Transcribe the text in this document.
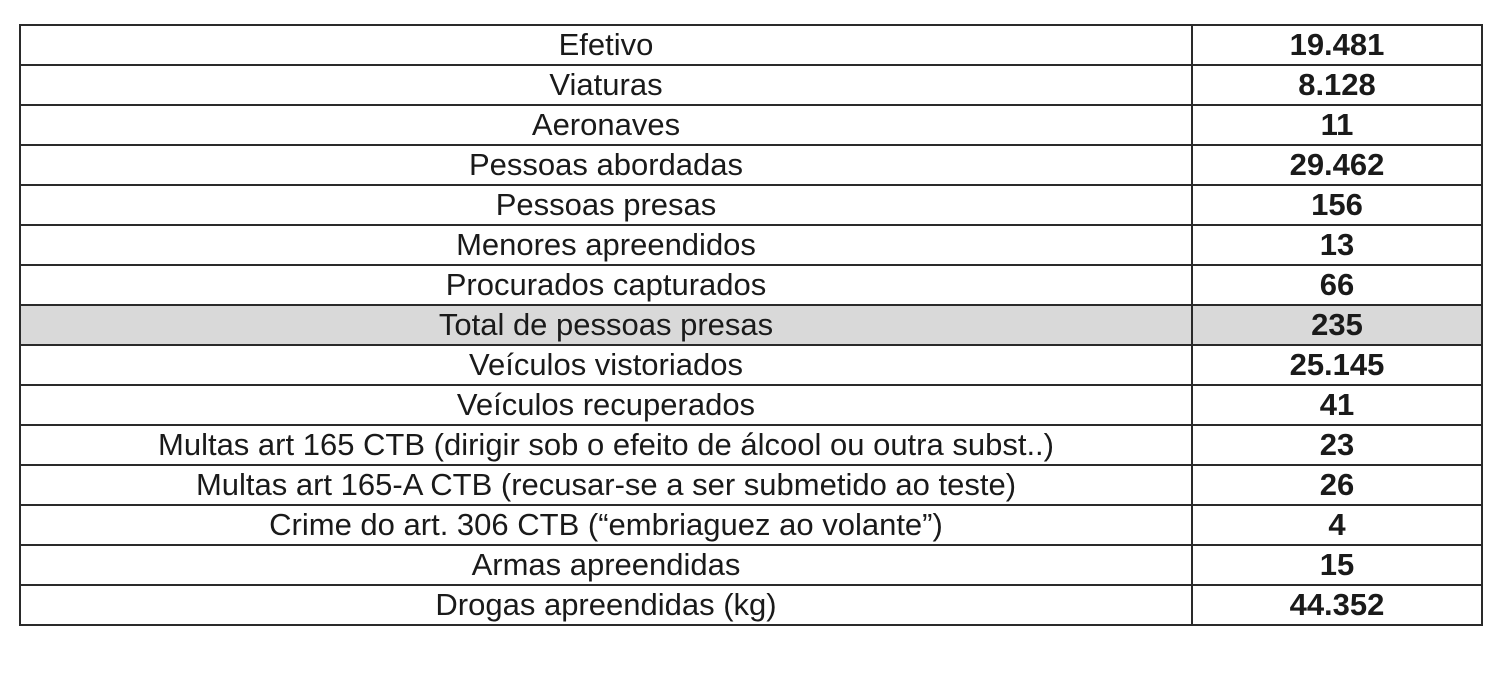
Efetivo	19.481
Viaturas	8.128
Aeronaves	11
Pessoas abordadas	29.462
Pessoas presas	156
Menores apreendidos	13
Procurados capturados	66
Total de pessoas presas	235
Veículos vistoriados	25.145
Veículos recuperados	41
Multas art 165 CTB (dirigir sob o efeito de álcool ou outra subst..)	23
Multas art 165-A CTB (recusar-se a ser submetido ao teste)	26
Crime do art. 306 CTB (“embriaguez ao volante”)	4
Armas apreendidas	15
Drogas apreendidas (kg)	44.352
